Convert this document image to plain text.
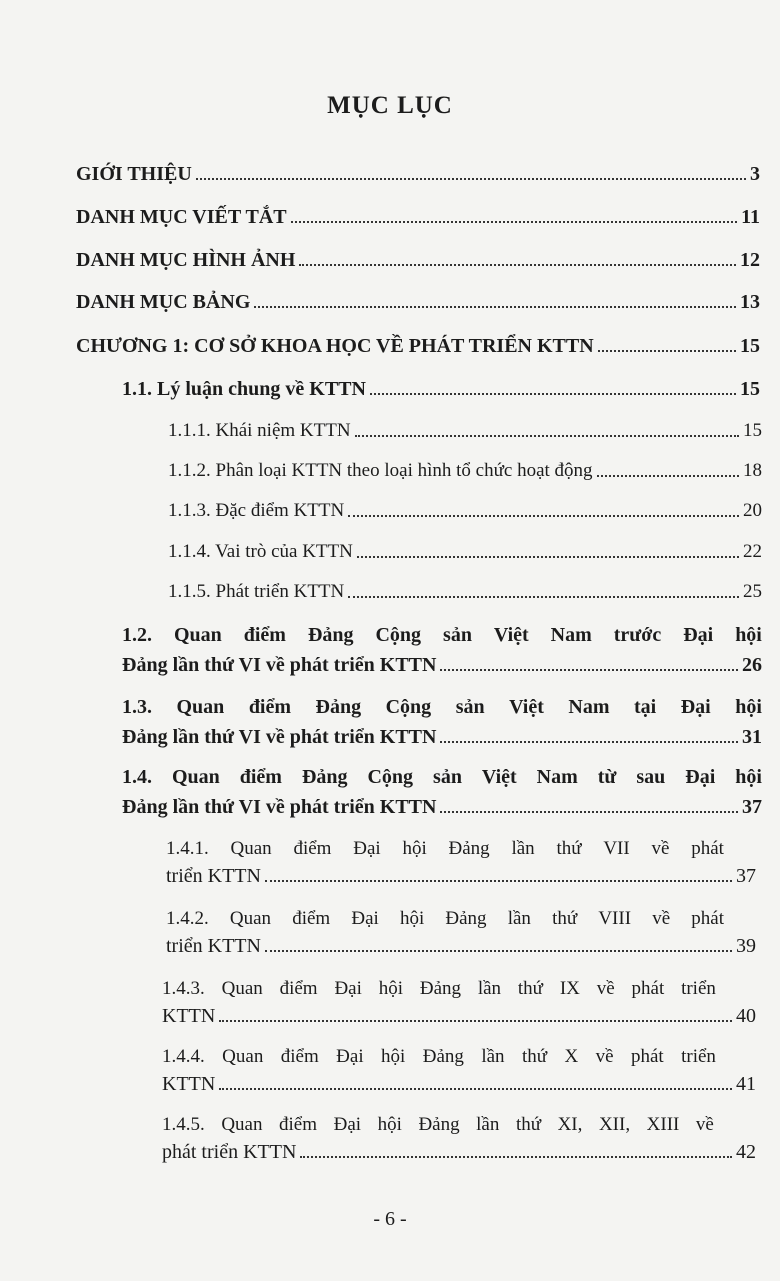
MỤC LỤC
GIỚI THIỆU	3
DANH MỤC VIẾT TẮT	11
DANH MỤC HÌNH ẢNH	12
DANH MỤC BẢNG	13
CHƯƠNG 1: CƠ SỞ KHOA HỌC VỀ PHÁT TRIỂN KTTN	15
1.1. Lý luận chung về KTTN	15
1.1.1. Khái niệm KTTN	15
1.1.2. Phân loại KTTN theo loại hình tổ chức hoạt động	18
1.1.3. Đặc điểm KTTN	20
1.1.4. Vai trò của KTTN	22
1.1.5. Phát triển KTTN	25
1.2. Quan điểm Đảng Cộng sản Việt Nam trước Đại hội
Đảng lần thứ VI về phát triển KTTN	26
1.3. Quan điểm Đảng Cộng sản Việt Nam tại Đại hội
Đảng lần thứ VI về phát triển KTTN	31
1.4. Quan điểm Đảng Cộng sản Việt Nam từ sau Đại hội
Đảng lần thứ VI về phát triển KTTN	37
1.4.1. Quan điểm Đại hội Đảng lần thứ VII về phát
triển KTTN	37
1.4.2. Quan điểm Đại hội Đảng lần thứ VIII về phát
triển KTTN	39
1.4.3. Quan điểm Đại hội Đảng lần thứ IX về phát triển
KTTN	40
1.4.4. Quan điểm Đại hội Đảng lần thứ X về phát triển
KTTN	41
1.4.5. Quan điểm Đại hội Đảng lần thứ XI, XII, XIII về
phát triển KTTN	42
- 6 -
